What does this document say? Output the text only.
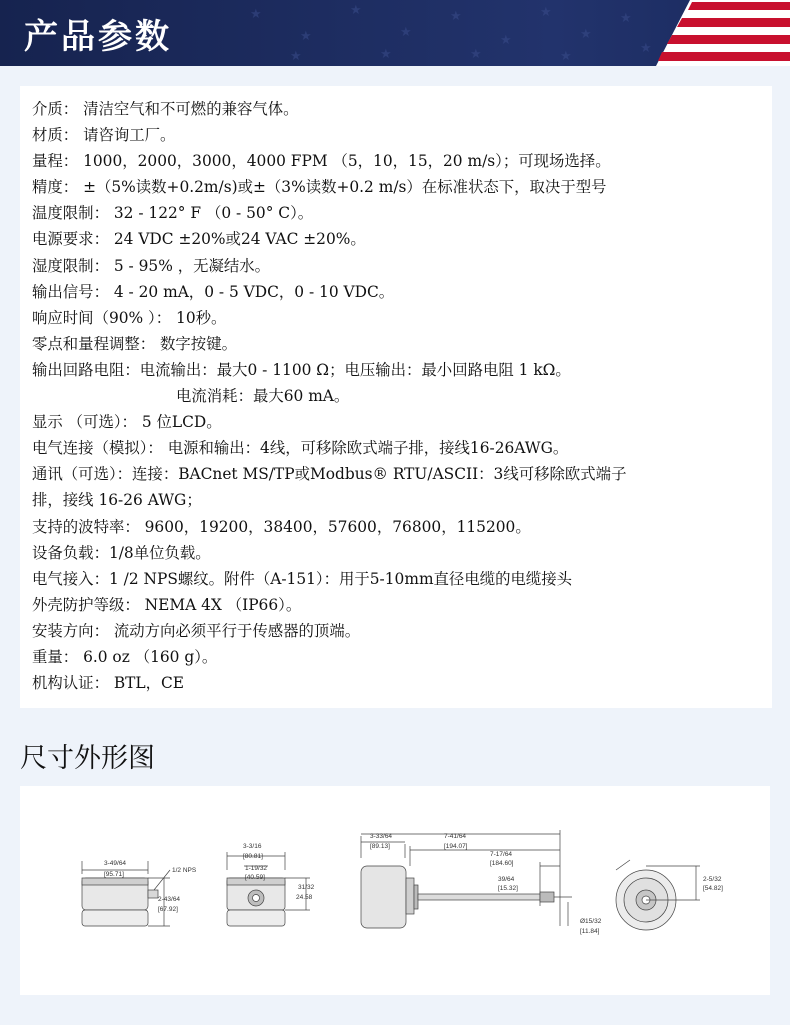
★
★
★
★
★
★
★
★
★
★
★
★
★	★
产品参数
介质： 清洁空气和不可燃的兼容气体。
材质： 请咨询工厂。
量程： 1000，2000，3000，4000 FPM （5，10，15，20 m/s）；可现场选择。
精度： ±（5%读数+0.2m/s)或±（3%读数+0.2 m/s）在标准状态下，取决于型号
温度限制： 32 - 122° F （0 - 50° C）。
电源要求： 24 VDC ±20%或24 VAC ±20%。
湿度限制： 5 - 95% ，无凝结水。
输出信号： 4 - 20 mA，0 - 5 VDC，0 - 10 VDC。
响应时间（90% ）： 10秒。
零点和量程调整： 数字按键。
输出回路电阻：电流输出：最大0 - 1100 Ω；电压输出：最小回路电阻 1 kΩ。
电流消耗：最大60 mA。
显示 （可选）： 5 位LCD。
电气连接（模拟）： 电源和输出：4线，可移除欧式端子排，接线16-26AWG。
通讯（可选）：连接：BACnet MS/TP或Modbus® RTU/ASCII：3线可移除欧式端子
排，接线 16-26 AWG；
支持的波特率： 9600，19200，38400，57600，76800，115200。
设备负载：1/8单位负载。
电气接入：1 /2 NPS螺纹。附件（A-151）：用于5-10mm直径电缆的电缆接头
外壳防护等级： NEMA 4X （IP66）。
安装方向： 流动方向必须平行于传感器的顶端。
重量： 6.0 oz （160 g）。
机构认证： BTL，CE
尺寸外形图
3-49/64
[95.71]
1/2 NPS
2-43/64
[67.92]
3-3/16
[80.81]
1-19/32
[40.59]
31/32
24.58
3-33/64
[89.13]
7-41/64
[194.07]
7-17/64
[184.60]
39/64
[15.32]
Ø15/32
[11.84]
2-5/32
[54.82]
